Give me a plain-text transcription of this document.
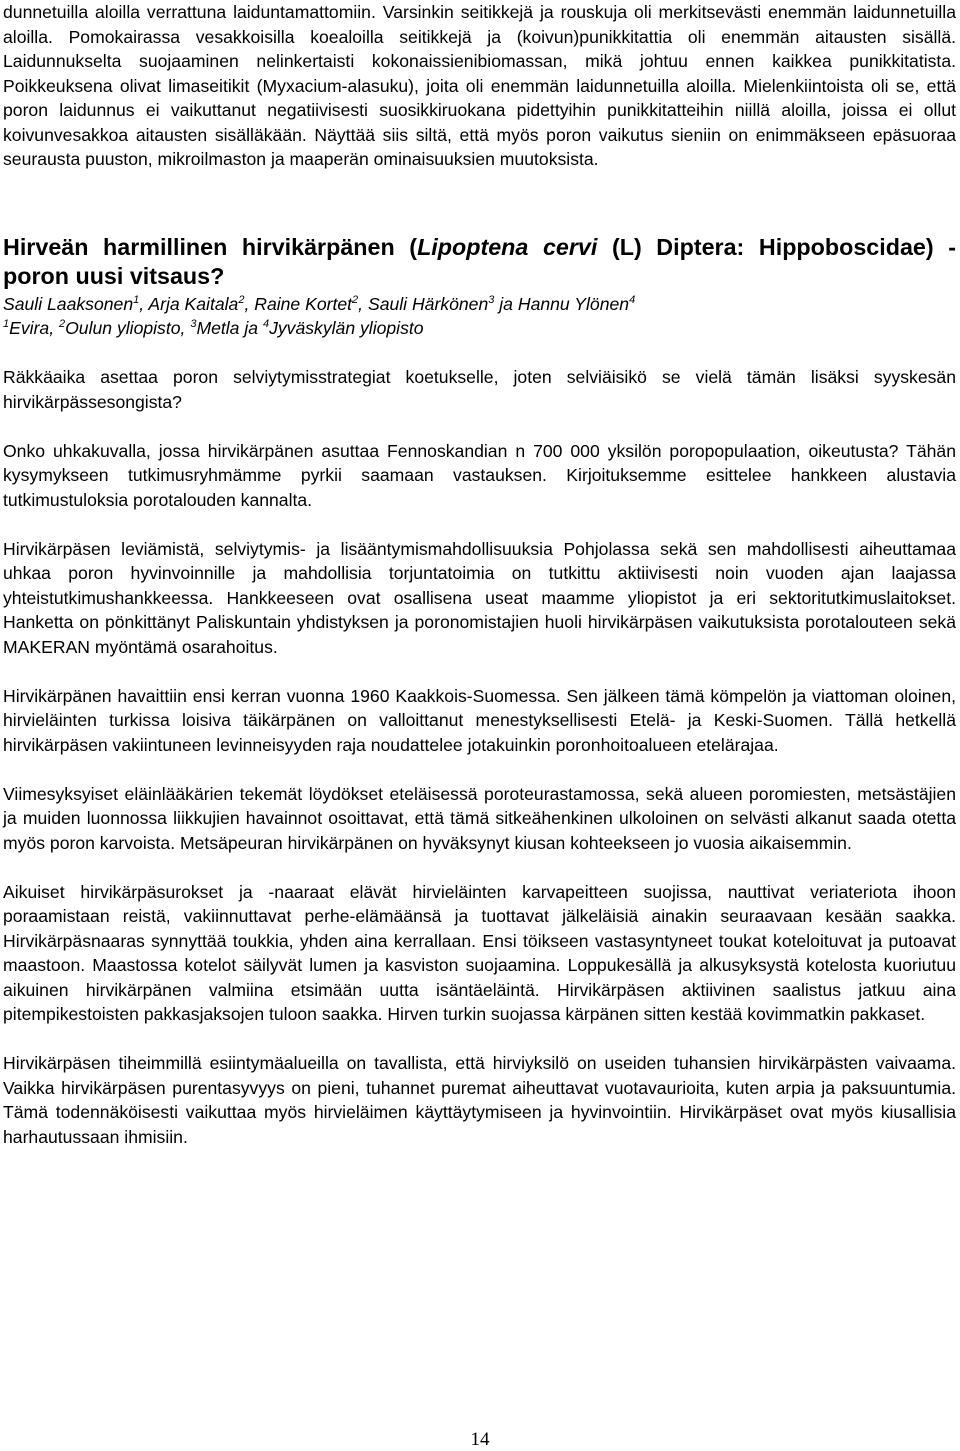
dunnetuilla aloilla verrattuna laiduntamattomiin. Varsinkin seitikkejä ja rouskuja oli merkitsevästi enemmän laidunnetuilla aloilla. Pomokairassa vesakkoisilla koealoilla seitikkejä ja (koivun)punikkitattia oli enemmän aitausten sisällä. Laidunnukselta suojaaminen nelinkertaisti kokonaissienibiomassan, mikä johtuu ennen kaikkea punikkitatista. Poikkeuksena olivat limaseitikit (Myxacium-alasuku), joita oli enemmän laidunnetuilla aloilla. Mielenkiintoista oli se, että poron laidunnus ei vaikuttanut negatiivisesti suosikkiruokana pidettyihin punikkitatteihin niillä aloilla, joissa ei ollut koivunvesakkoa aitausten sisälläkään. Näyttää siis siltä, että myös poron vaikutus sieniin on enimmäkseen epäsuoraa seurausta puuston, mikroilmaston ja maaperän ominaisuuksien muutoksista.

Hirveän harmillinen hirvikärpänen (Lipoptena cervi (L) Diptera: Hippoboscidae) - poron uusi vitsaus?

Sauli Laaksonen$^1$, Arja Kaitala$^2$, Raine Kortet$^2$, Sauli Härkönen$^3$ ja Hannu Ylönen$^4$

$^1$Evira, $^2$Oulun yliopisto, $^3$Metla ja $^4$Jyväskylän yliopisto

Räkkäaika asettaa poron selviytymisstrategiat koetukselle, joten selviäisikö se vielä tämän lisäksi syyskesän hirvikärpässesongista?

Onko uhkakuvalla, jossa hirvikärpänen asuttaa Fennoskandian n 700 000 yksilön poropopulaation, oikeutusta? Tähän kysymykseen tutkimusryhmämme pyrkii saamaan vastauksen. Kirjoituksemme esittelee hankkeen alustavia tutkimustuloksia porotalouden kannalta.

Hirvikärpäsen leviämistä, selviytymis- ja lisääntymismahdollisuuksia Pohjolassa sekä sen mahdollisesti aiheuttamaa uhkaa poron hyvinvoinnille ja mahdollisia torjuntatoimia on tutkittu aktiivisesti noin vuoden ajan laajassa yhteistutkimushankkeessa. Hankkeeseen ovat osallisena useat maamme yliopistot ja eri sektoritutkimuslaitokset. Hanketta on pönkittänyt Paliskuntain yhdistyksen ja poronomistajien huoli hirvikärpäsen vaikutuksista porotalouteen sekä MAKERAN myöntämä osarahoitus.

Hirvikärpänen havaittiin ensi kerran vuonna 1960 Kaakkois-Suomessa. Sen jälkeen tämä kömpelön ja viattoman oloinen, hirvieläinten turkissa loisiva täikärpänen on valloittanut menestyksellisesti Etelä- ja Keski-Suomen. Tällä hetkellä hirvikärpäsen vakiintuneen levinneisyyden raja noudattelee jotakuinkin poronhoitoalueen etelärajaa.

Viimesyksyiset eläinlääkärien tekemät löydökset eteläisessä poroteurastamossa, sekä alueen poromiesten, metsästäjien ja muiden luonnossa liikkujien havainnot osoittavat, että tämä sitkeähenkinen ulkoloinen on selvästi alkanut saada otetta myös poron karvoista. Metsäpeuran hirvikärpänen on hyväksynyt kiusan kohteekseen jo vuosia aikaisemmin.

Aikuiset hirvikärpäsurokset ja -naaraat elävät hirvieläinten karvapeitteen suojissa, nauttivat veriateriota ihoon poraamistaan reistä, vakiinnuttavat perhe-elämäänsä ja tuottavat jälkeläisiä ainakin seuraavaan kesään saakka. Hirvikärpäsnaaras synnyttää toukkia, yhden aina kerrallaan. Ensi töikseen vastasyntyneet toukat koteloituvat ja putoavat maastoon. Maastossa kotelot säilyvät lumen ja kasviston suojaamina. Loppukesällä ja alkusyksystä kotelosta kuoriutuu aikuinen hirvikärpänen valmiina etsimään uutta isäntäeläintä. Hirvikärpäsen aktiivinen saalistus jatkuu aina pitempikestoisten pakkasjaksojen tuloon saakka. Hirven turkin suojassa kärpänen sitten kestää kovimmatkin pakkaset.

Hirvikärpäsen tiheimmillä esiintymäalueilla on tavallista, että hirviyksilö on useiden tuhansien hirvikärpästen vaivaama. Vaikka hirvikärpäsen purentasyvyys on pieni, tuhannet puremat aiheuttavat vuotavaurioita, kuten arpia ja paksuuntumia. Tämä todennäköisesti vaikuttaa myös hirvieläimen käyttäytymiseen ja hyvinvointiin. Hirvikärpäset ovat myös kiusallisia harhautussaan ihmisiin.

14
